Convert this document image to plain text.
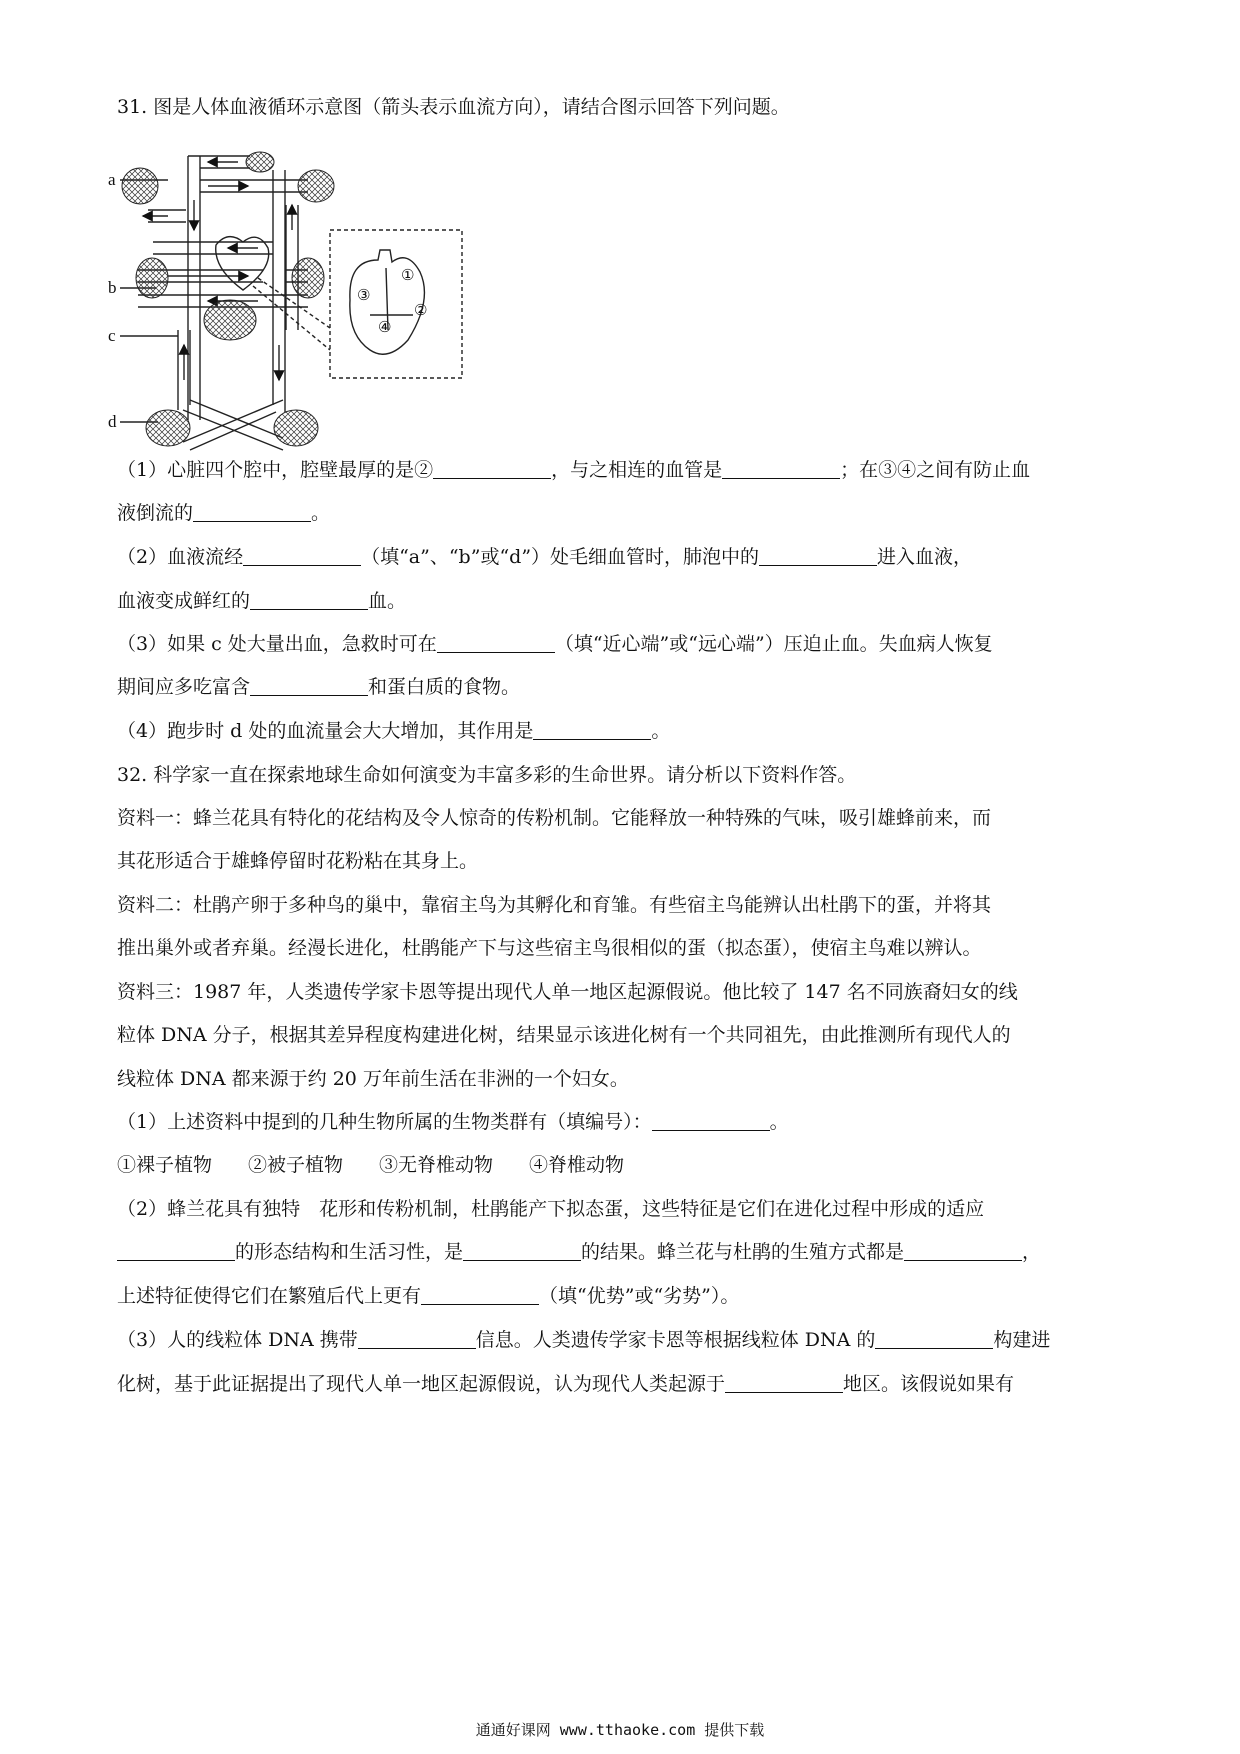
31. 图是人体血液循环示意图（箭头表示血流方向），请结合图示回答下列问题。
a
b
c
d
①
②
③
④
（1）心脏四个腔中，腔壁最厚的是②	，与之相连的血管是	；在③④之间有防止血
液倒流的	。
（2）血液流经	（填“a”、“b”或“d”）处毛细血管时，肺泡中的	进入血液，
血液变成鲜红的	血。
（3）如果 c 处大量出血，急救时可在	（填“近心端”或“远心端”）压迫止血。失血病人恢复
期间应多吃富含	和蛋白质的食物。
（4）跑步时 d 处的血流量会大大增加，其作用是	。
32. 科学家一直在探索地球生命如何演变为丰富多彩的生命世界。请分析以下资料作答。
资料一：蜂兰花具有特化的花结构及令人惊奇的传粉机制。它能释放一种特殊的气味，吸引雄蜂前来，而
其花形适合于雄蜂停留时花粉粘在其身上。
资料二：杜鹃产卵于多种鸟的巢中，靠宿主鸟为其孵化和育雏。有些宿主鸟能辨认出杜鹃下的蛋，并将其
推出巢外或者弃巢。经漫长进化，杜鹃能产下与这些宿主鸟很相似的蛋（拟态蛋），使宿主鸟难以辨认。
资料三：1987 年，人类遗传学家卡恩等提出现代人单一地区起源假说。他比较了 147 名不同族裔妇女的线
粒体 DNA 分子，根据其差异程度构建进化树，结果显示该进化树有一个共同祖先，由此推测所有现代人的
线粒体 DNA 都来源于约 20 万年前生活在非洲的一个妇女。
（1）上述资料中提到的几种生物所属的生物类群有（填编号）：	。
①裸子植物 ②被子植物 ③无脊椎动物 ④脊椎动物
（2）蜂兰花具有独特　花形和传粉机制，杜鹃能产下拟态蛋，这些特征是它们在进化过程中形成的适应
的形态结构和生活习性，是	的结果。蜂兰花与杜鹃的生殖方式都是	，
上述特征使得它们在繁殖后代上更有	（填“优势”或“劣势”）。
（3）人的线粒体 DNA 携带	信息。人类遗传学家卡恩等根据线粒体 DNA 的	构建进
化树，基于此证据提出了现代人单一地区起源假说，认为现代人类起源于	地区。该假说如果有
通通好课网 www.tthaoke.com 提供下载
